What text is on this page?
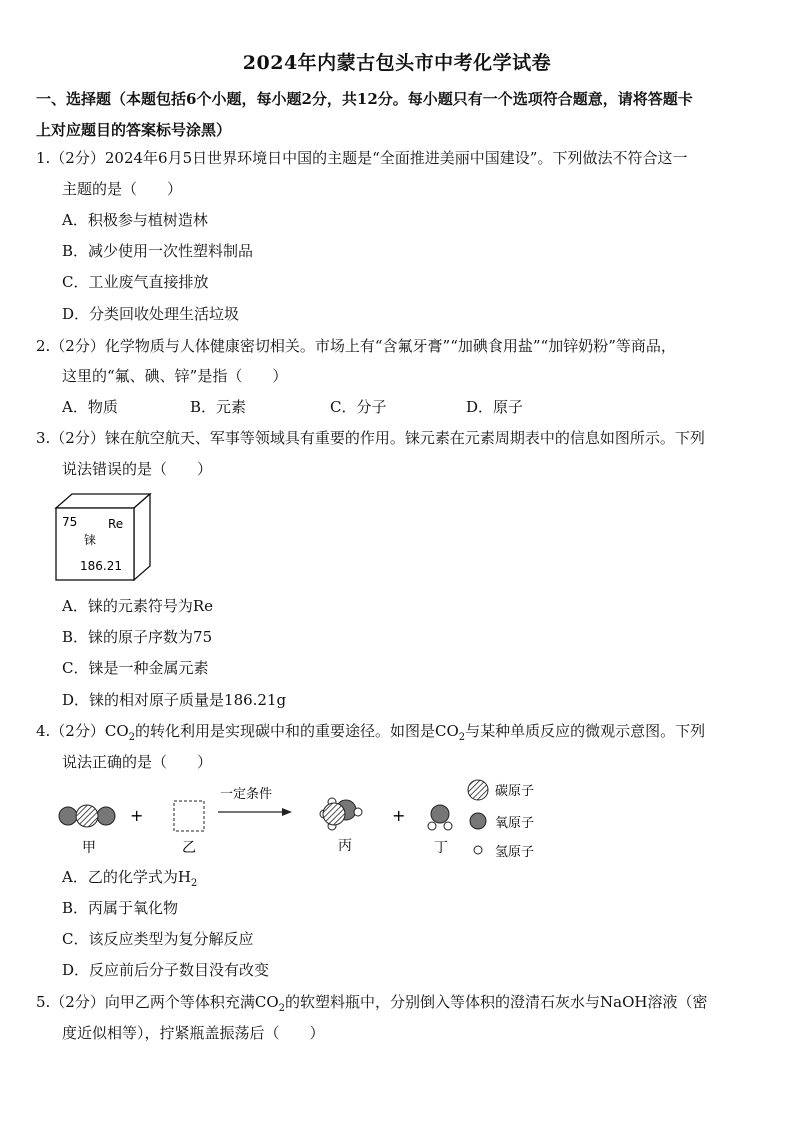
2024年内蒙古包头市中考化学试卷
一、选择题（本题包括6个小题，每小题2分，共12分。每小题只有一个选项符合题意，请将答题卡
上对应题目的答案标号涂黑）
1.（2分）2024年6月5日世界环境日中国的主题是“全面推进美丽中国建设”。下列做法不符合这一
主题的是（　　）
A．积极参与植树造林
B．减少使用一次性塑料制品
C．工业废气直接排放
D．分类回收处理生活垃圾
2.（2分）化学物质与人体健康密切相关。市场上有“含氟牙膏”“加碘食用盐”“加锌奶粉”等商品，
这里的“氟、碘、锌”是指（　　）
A．物质	B．元素	C．分子	D．原子
3.（2分）铼在航空航天、军事等领域具有重要的作用。铼元素在元素周期表中的信息如图所示。下列
说法错误的是（　　）
75	Re
铼
186.21
A．铼的元素符号为Re
B．铼的原子序数为75
C．铼是一种金属元素
D．铼的相对原子质量是186.21g
4.（2分）$CO_2$的转化利用是实现碳中和的重要途径。如图是$CO_2$与某种单质反应的微观示意图。下列
说法正确的是（　　）
甲
+
乙
一定条件
丙
+
丁
碳原子
氧原子
氢原子
A．乙的化学式为$H_2$
B．丙属于氧化物
C．该反应类型为复分解反应
D．反应前后分子数目没有改变
5.（2分）向甲乙两个等体积充满$CO_2$的软塑料瓶中，分别倒入等体积的澄清石灰水与NaOH溶液（密
度近似相等），拧紧瓶盖振荡后（　　）
